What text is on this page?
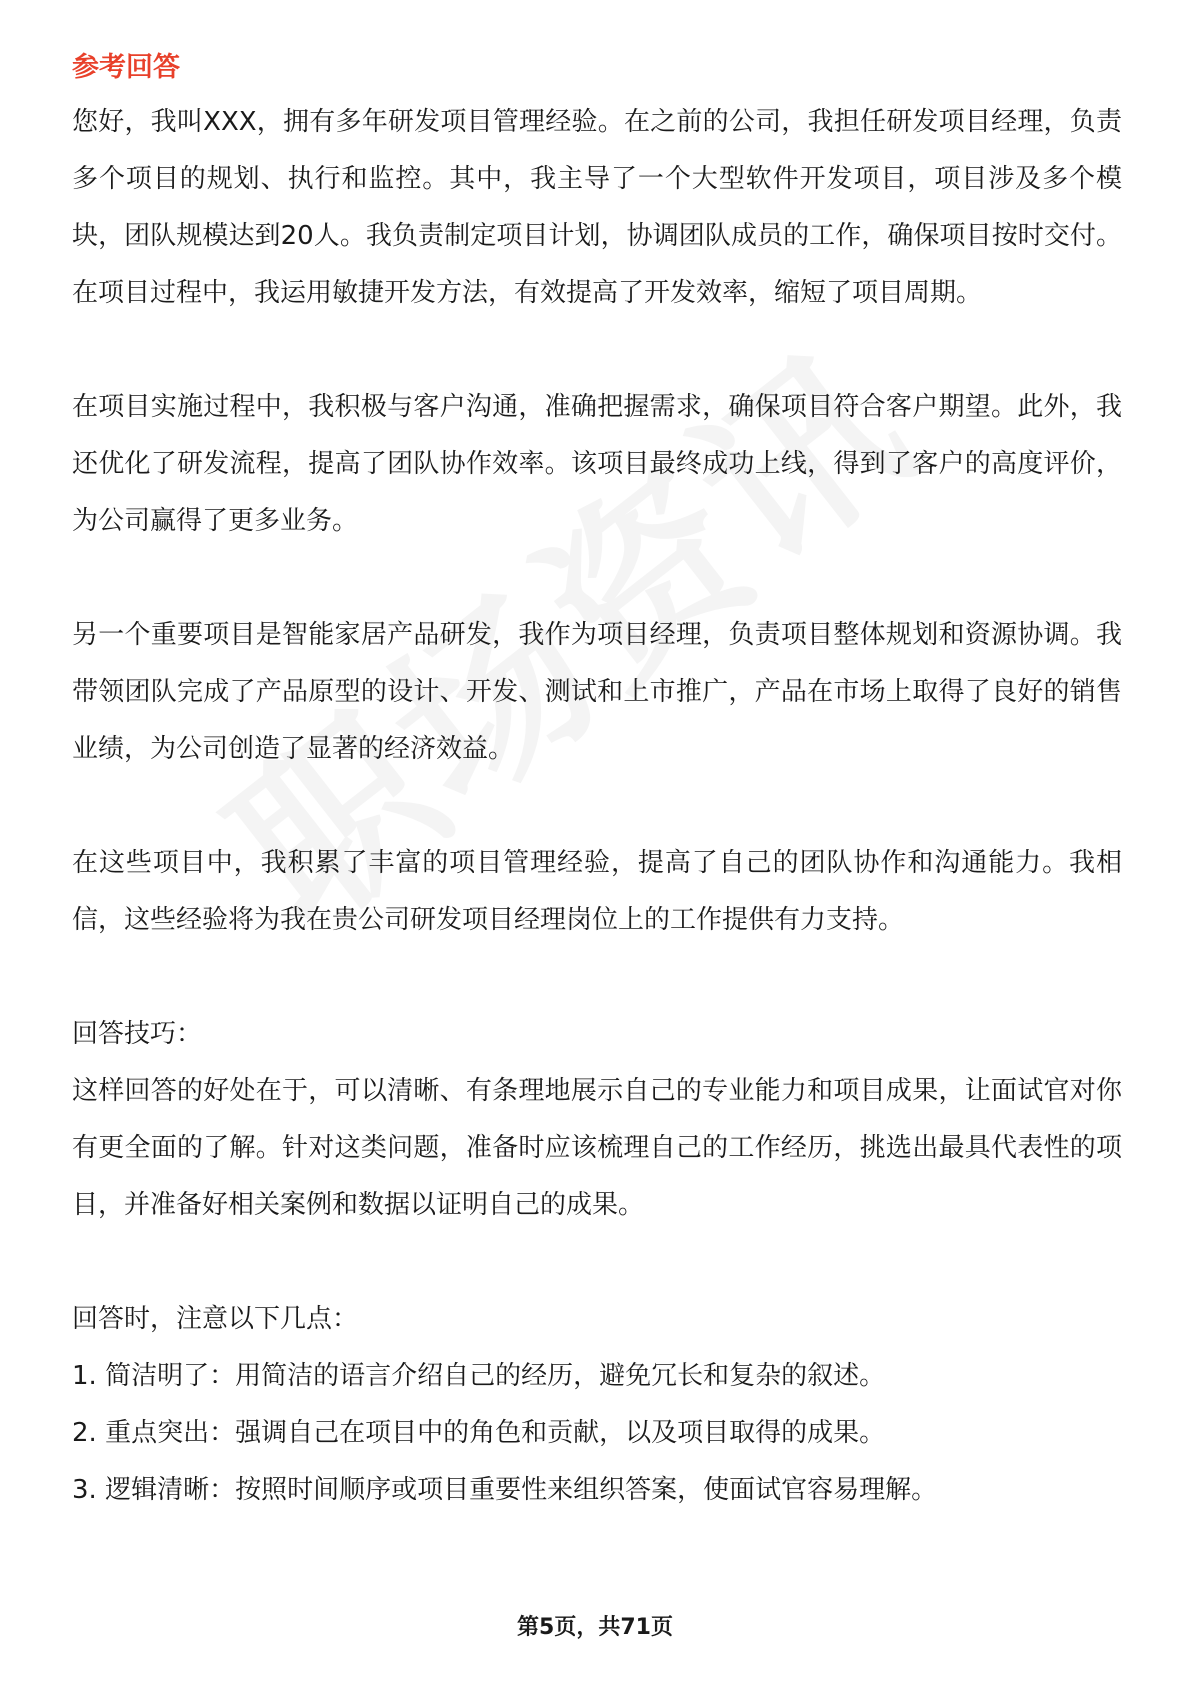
参考回答

您好，我叫XXX，拥有多年研发项目管理经验。在之前的公司，我担任研发项目经理，负责多个项目的规划、执行和监控。其中，我主导了一个大型软件开发项目，项目涉及多个模块，团队规模达到20人。我负责制定项目计划，协调团队成员的工作，确保项目按时交付。在项目过程中，我运用敏捷开发方法，有效提高了开发效率，缩短了项目周期。

在项目实施过程中，我积极与客户沟通，准确把握需求，确保项目符合客户期望。此外，我还优化了研发流程，提高了团队协作效率。该项目最终成功上线，得到了客户的高度评价，为公司赢得了更多业务。

另一个重要项目是智能家居产品研发，我作为项目经理，负责项目整体规划和资源协调。我带领团队完成了产品原型的设计、开发、测试和上市推广，产品在市场上取得了良好的销售业绩，为公司创造了显著的经济效益。

在这些项目中，我积累了丰富的项目管理经验，提高了自己的团队协作和沟通能力。我相信，这些经验将为我在贵公司研发项目经理岗位上的工作提供有力支持。

回答技巧：

这样回答的好处在于，可以清晰、有条理地展示自己的专业能力和项目成果，让面试官对你有更全面的了解。针对这类问题，准备时应该梳理自己的工作经历，挑选出最具代表性的项目，并准备好相关案例和数据以证明自己的成果。

回答时，注意以下几点：

1. 简洁明了：用简洁的语言介绍自己的经历，避免冗长和复杂的叙述。

2. 重点突出：强调自己在项目中的角色和贡献，以及项目取得的成果。

3. 逻辑清晰：按照时间顺序或项目重要性来组织答案，使面试官容易理解。

第5页，共71页
